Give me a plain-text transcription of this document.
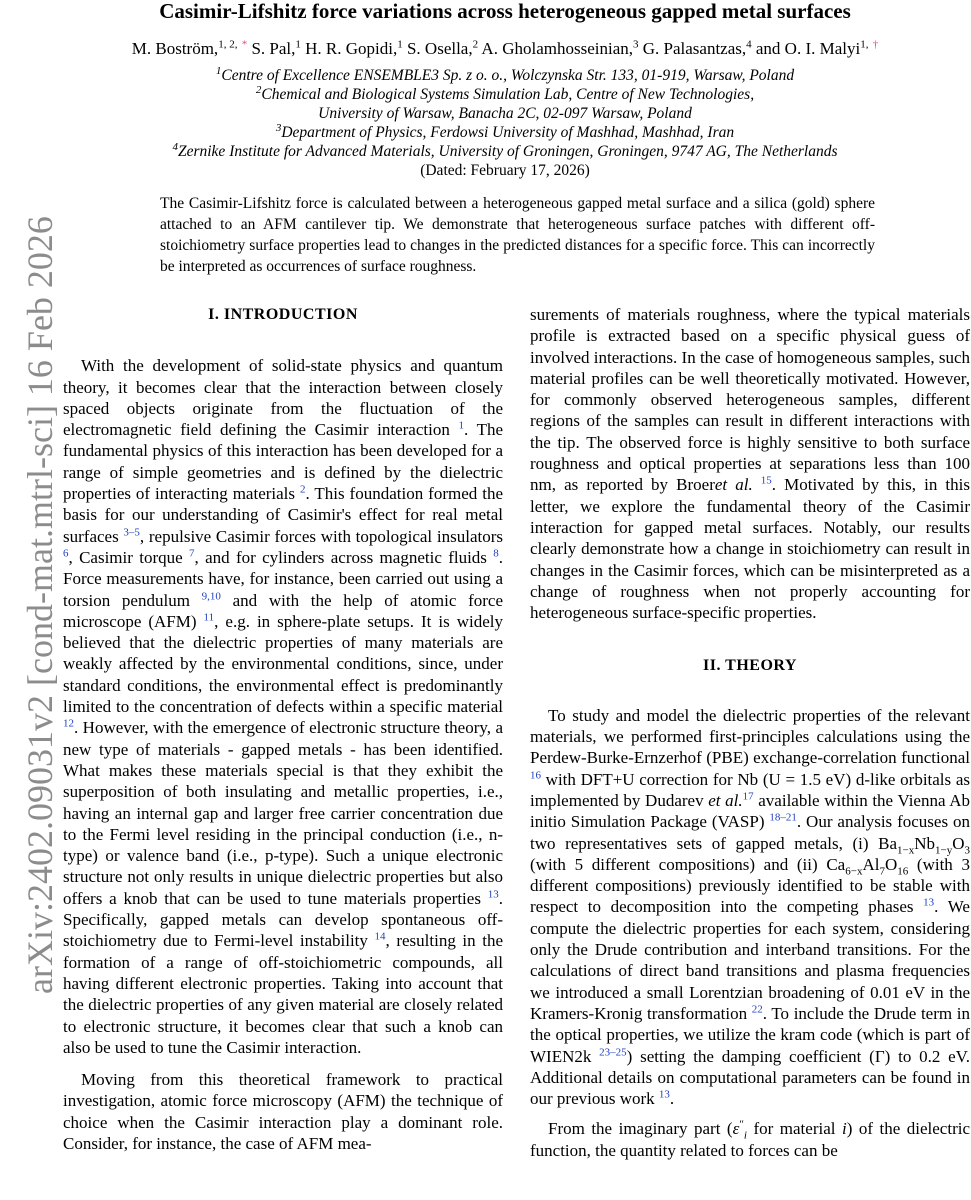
arXiv:2402.09031v2 [cond-mat.mtrl-sci] 16 Feb 2026
Casimir-Lifshitz force variations across heterogeneous gapped metal surfaces
M. Boström,$^{1, 2,}$ * S. Pal,$^1$ H. R. Gopidi,$^1$ S. Osella,$^2$ A. Gholamhosseinian,$^3$ G. Palasantzas,$^4$ and O. I. Malyi$^{1,}$ †
$^1$Centre of Excellence ENSEMBLE3 Sp. z o. o., Wolczynska Str. 133, 01-919, Warsaw, Poland
$^2$Chemical and Biological Systems Simulation Lab, Centre of New Technologies,
University of Warsaw, Banacha 2C, 02-097 Warsaw, Poland
$^3$Department of Physics, Ferdowsi University of Mashhad, Mashhad, Iran
$^4$Zernike Institute for Advanced Materials, University of Groningen, Groningen, 9747 AG, The Netherlands
(Dated: February 17, 2026)
The Casimir-Lifshitz force is calculated between a heterogeneous gapped metal surface and a silica (gold) sphere attached to an AFM cantilever tip. We demonstrate that heterogeneous surface patches with different off-stoichiometry surface properties lead to changes in the predicted distances for a specific force. This can incorrectly be interpreted as occurrences of surface roughness.
I. INTRODUCTION

With the development of solid-state physics and quantum theory, it becomes clear that the interaction between closely spaced objects originate from the fluctuation of the electromagnetic field defining the Casimir interaction $^1$. The fundamental physics of this interaction has been developed for a range of simple geometries and is defined by the dielectric properties of interacting materials $^2$. This foundation formed the basis for our understanding of Casimir's effect for real metal surfaces $^{3-5}$, repulsive Casimir forces with topological insulators $^6$, Casimir torque $^7$, and for cylinders across magnetic fluids $^8$. Force measurements have, for instance, been carried out using a torsion pendulum $^{9,10}$ and with the help of atomic force microscope (AFM) $^{11}$, e.g. in sphere-plate setups. It is widely believed that the dielectric properties of many materials are weakly affected by the environmental conditions, since, under standard conditions, the environmental effect is predominantly limited to the concentration of defects within a specific material $^{12}$. However, with the emergence of electronic structure theory, a new type of materials - gapped metals - has been identified. What makes these materials special is that they exhibit the superposition of both insulating and metallic properties, i.e., having an internal gap and larger free carrier concentration due to the Fermi level residing in the principal conduction (i.e., n-type) or valence band (i.e., p-type). Such a unique electronic structure not only results in unique dielectric properties but also offers a knob that can be used to tune materials properties $^{13}$. Specifically, gapped metals can develop spontaneous off-stoichiometry due to Fermi-level instability $^{14}$, resulting in the formation of a range of off-stoichiometric compounds, all having different electronic properties. Taking into account that the dielectric properties of any given material are closely related to electronic structure, it becomes clear that such a knob can also be used to tune the Casimir interaction.

Moving from this theoretical framework to practical investigation, atomic force microscopy (AFM) the technique of choice when the Casimir interaction play a dominant role. Consider, for instance, the case of AFM mea-

surements of materials roughness, where the typical materials profile is extracted based on a specific physical guess of involved interactions. In the case of homogeneous samples, such material profiles can be well theoretically motivated. However, for commonly observed heterogeneous samples, different regions of the samples can result in different interactions with the tip. The observed force is highly sensitive to both surface roughness and optical properties at separations less than 100 nm, as reported by Broeret al. $^{15}$. Motivated by this, in this letter, we explore the fundamental theory of the Casimir interaction for gapped metal surfaces. Notably, our results clearly demonstrate how a change in stoichiometry can result in changes in the Casimir forces, which can be misinterpreted as a change of roughness when not properly accounting for heterogeneous surface-specific properties.

II. THEORY

To study and model the dielectric properties of the relevant materials, we performed first-principles calculations using the Perdew-Burke-Ernzerhof (PBE) exchange-correlation functional $^{16}$ with DFT+U correction for Nb (U = 1.5 eV) d-like orbitals as implemented by Dudarev et al.$^{17}$ available within the Vienna Ab initio Simulation Package (VASP) $^{18-21}$. Our analysis focuses on two representatives sets of gapped metals, (i) $Ba_{1-x}Nb_{1-y}O_3$ (with 5 different compositions) and (ii) $Ca_{6-x}Al_7O_{16}$ (with 3 different compositions) previously identified to be stable with respect to decomposition into the competing phases $^{13}$. We compute the dielectric properties for each system, considering only the Drude contribution and interband transitions. For the calculations of direct band transitions and plasma frequencies we introduced a small Lorentzian broadening of 0.01 eV in the Kramers-Kronig transformation $^{22}$. To include the Drude term in the optical properties, we utilize the kram code (which is part of WIEN2k $^{23-25}$) setting the damping coefficient (Γ) to 0.2 eV. Additional details on computational parameters can be found in our previous work $^{13}$.

From the imaginary part ($\varepsilon''_i$ for material i) of the dielectric function, the quantity related to forces can be
